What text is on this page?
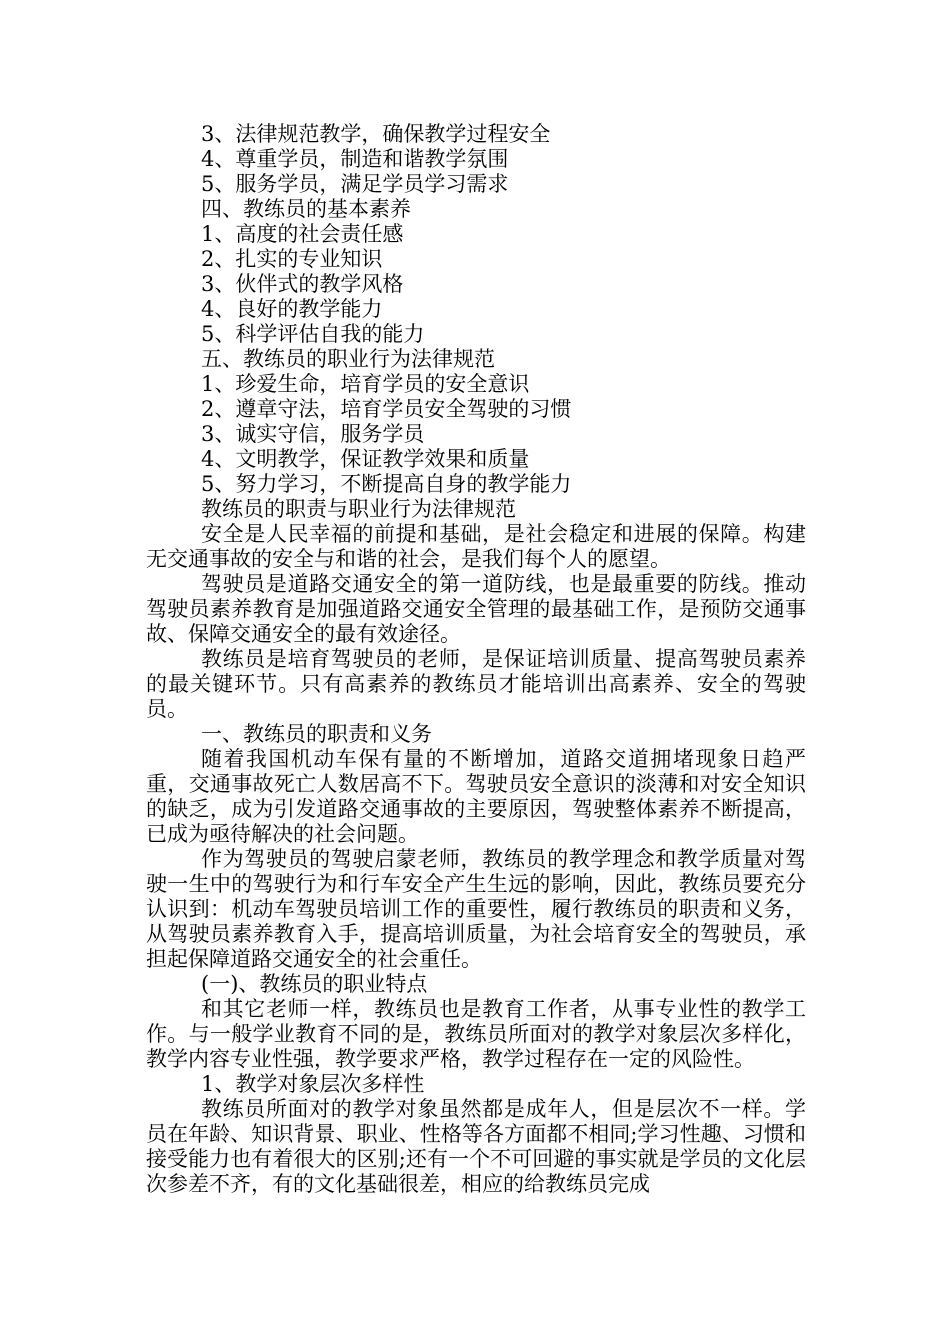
3、法律规范教学，确保教学过程安全

4、尊重学员，制造和谐教学氛围

5、服务学员，满足学员学习需求

四、教练员的基本素养

1、高度的社会责任感

2、扎实的专业知识

3、伙伴式的教学风格

4、良好的教学能力

5、科学评估自我的能力

五、教练员的职业行为法律规范

1、珍爱生命，培育学员的安全意识

2、遵章守法，培育学员安全驾驶的习惯

3、诚实守信，服务学员

4、文明教学，保证教学效果和质量

5、努力学习，不断提高自身的教学能力

教练员的职责与职业行为法律规范

安全是人民幸福的前提和基础，是社会稳定和进展的保障。构建无交通事故的安全与和谐的社会，是我们每个人的愿望。

驾驶员是道路交通安全的第一道防线，也是最重要的防线。推动驾驶员素养教育是加强道路交通安全管理的最基础工作，是预防交通事故、保障交通安全的最有效途径。

教练员是培育驾驶员的老师，是保证培训质量、提高驾驶员素养的最关键环节。只有高素养的教练员才能培训出高素养、安全的驾驶员。

一、教练员的职责和义务

随着我国机动车保有量的不断增加，道路交道拥堵现象日趋严重，交通事故死亡人数居高不下。驾驶员安全意识的淡薄和对安全知识的缺乏，成为引发道路交通事故的主要原因，驾驶整体素养不断提高，已成为亟待解决的社会问题。

作为驾驶员的驾驶启蒙老师，教练员的教学理念和教学质量对驾驶一生中的驾驶行为和行车安全产生生远的影响，因此，教练员要充分认识到：机动车驾驶员培训工作的重要性，履行教练员的职责和义务，从驾驶员素养教育入手，提高培训质量，为社会培育安全的驾驶员，承担起保障道路交通安全的社会重任。

(一)、教练员的职业特点

和其它老师一样，教练员也是教育工作者，从事专业性的教学工作。与一般学业教育不同的是，教练员所面对的教学对象层次多样化，教学内容专业性强，教学要求严格，教学过程存在一定的风险性。

1、教学对象层次多样性

教练员所面对的教学对象虽然都是成年人，但是层次不一样。学员在年龄、知识背景、职业、性格等各方面都不相同;学习性趣、习惯和接受能力也有着很大的区别;还有一个不可回避的事实就是学员的文化层次参差不齐，有的文化基础很差，相应的给教练员完成
